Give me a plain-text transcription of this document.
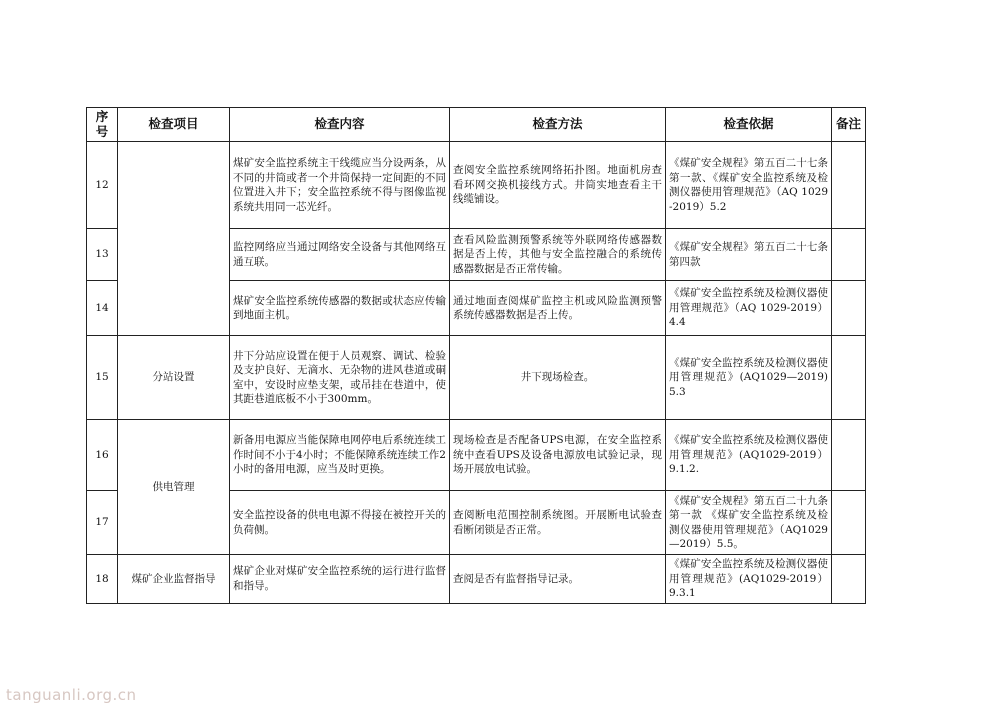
序号	检查项目	检查内容	检查方法	检查依据	备注
12		煤矿安全监控系统主干线缆应当分设两条，从不同的井筒或者一个井筒保持一定间距的不同位置进入井下；安全监控系统不得与图像监视系统共用同一芯光纤。	查阅安全监控系统网络拓扑图。地面机房查看环网交换机接线方式。井筒实地查看主干线缆铺设。	《煤矿安全规程》第五百二十七条第一款、《煤矿安全监控系统及检测仪器使用管理规范》（AQ 1029-2019）5.2	
13		监控网络应当通过网络安全设备与其他网络互通互联。	查看风险监测预警系统等外联网络传感器数据是否上传，其他与安全监控融合的系统传感器数据是否正常传输。	《煤矿安全规程》第五百二十七条 第四款	
14		煤矿安全监控系统传感器的数据或状态应传输到地面主机。	通过地面查阅煤矿监控主机或风险监测预警系统传感器数据是否上传。	《煤矿安全监控系统及检测仪器使用管理规范》（AQ 1029-2019）4.4	
15	分站设置	井下分站应设置在便于人员观察、调试、检验及支护良好、无滴水、无杂物的进风巷道或硐室中，安设时应垫支架，或吊挂在巷道中，使其距巷道底板不小于300mm。	井下现场检查。	《煤矿安全监控系统及检测仪器使用管理规范》(AQ1029—2019)5.3	
16	供电管理	新备用电源应当能保障电网停电后系统连续工作时间不小于4小时；不能保障系统连续工作2小时的备用电源，应当及时更换。	现场检查是否配备UPS电源，在安全监控系统中查看UPS及设备电源放电试验记录，现场开展放电试验。	《煤矿安全监控系统及检测仪器使用管理规范》(AQ1029-2019）9.1.2.	
17		安全监控设备的供电电源不得接在被控开关的负荷侧。	查阅断电范围控制系统图。开展断电试验查看断闭锁是否正常。	《煤矿安全规程》第五百二十九条第一款 《煤矿安全监控系统及检测仪器使用管理规范》（AQ1029—2019）5.5。	
18	煤矿企业监督指导	煤矿企业对煤矿安全监控系统的运行进行监督和指导。	查阅是否有监督指导记录。	《煤矿安全监控系统及检测仪器使用管理规范》(AQ1029-2019）9.3.1	
tanguanli.org.cn
